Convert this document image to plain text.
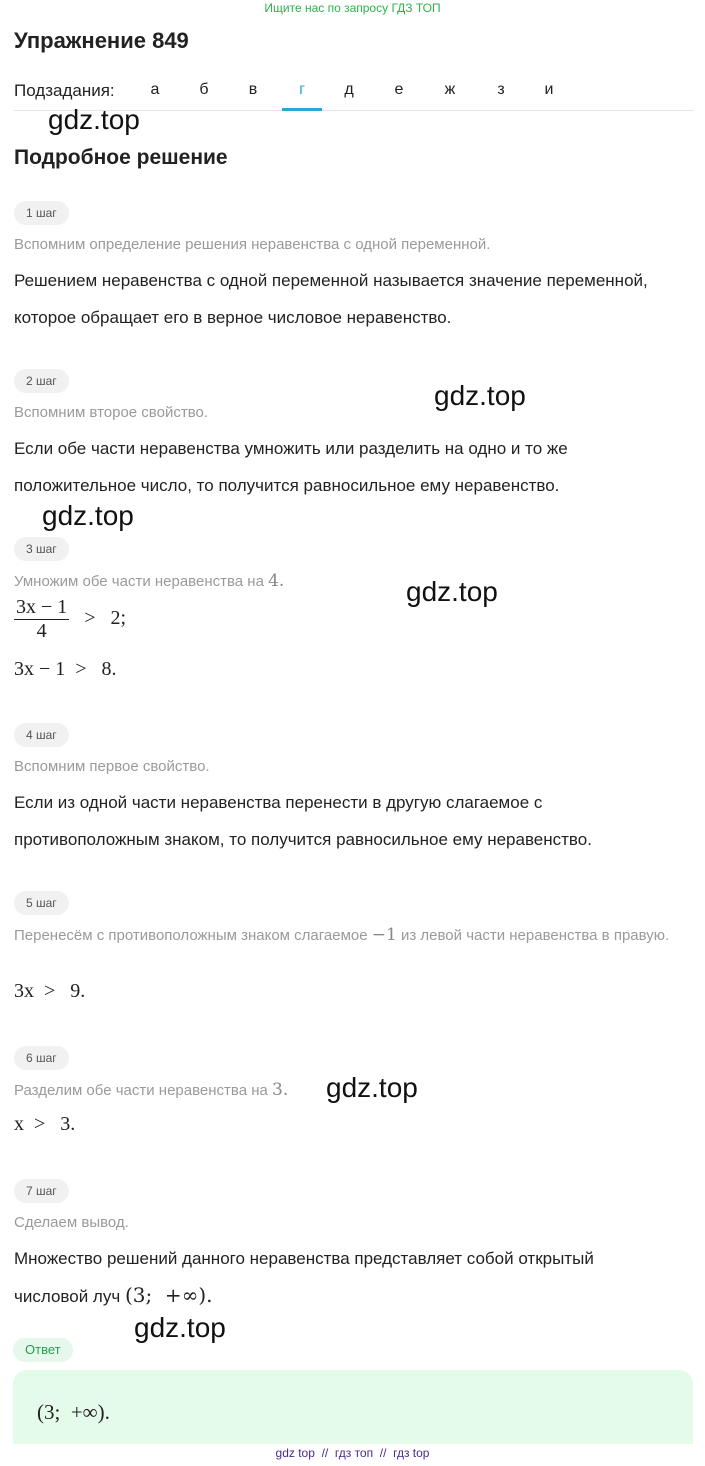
Ищите нас по запросу ГДЗ ТОП
Упражнение 849
Подзадания:	а	б	в	г	д	е	ж	з	и
gdz.top
Подробное решение
1 шаг
Вспомним определение решения неравенства с одной переменной.
Решением неравенства с одной переменной называется значение переменной, которое обращает его в верное числовое неравенство.
2 шаг	gdz.top
Вспомним второе свойство.
Если обе части неравенства умножить или разделить на одно и то же положительное число, то получится равносильное ему неравенство.
gdz.top
3 шаг
Умножим обе части неравенства на 4.	gdz.top
$\frac{3x - 1}{4} > 2$;
3x − 1  >   8.
4 шаг
Вспомним первое свойство.
Если из одной части неравенства перенести в другую слагаемое с противоположным знаком, то получится равносильное ему неравенство.
5 шаг
Перенесём с противоположным знаком слагаемое −1 из левой части неравенства в правую.
3x  >   9.
6 шаг
Разделим обе части неравенства на 3.	gdz.top
x  >   3.
7 шаг
Сделаем вывод.
Множество решений данного неравенства представляет собой открытый
числовой луч (3;  +∞).
gdz.top
Ответ
(3;  +∞).
gdz top  //  гдз топ  //  гдз top
